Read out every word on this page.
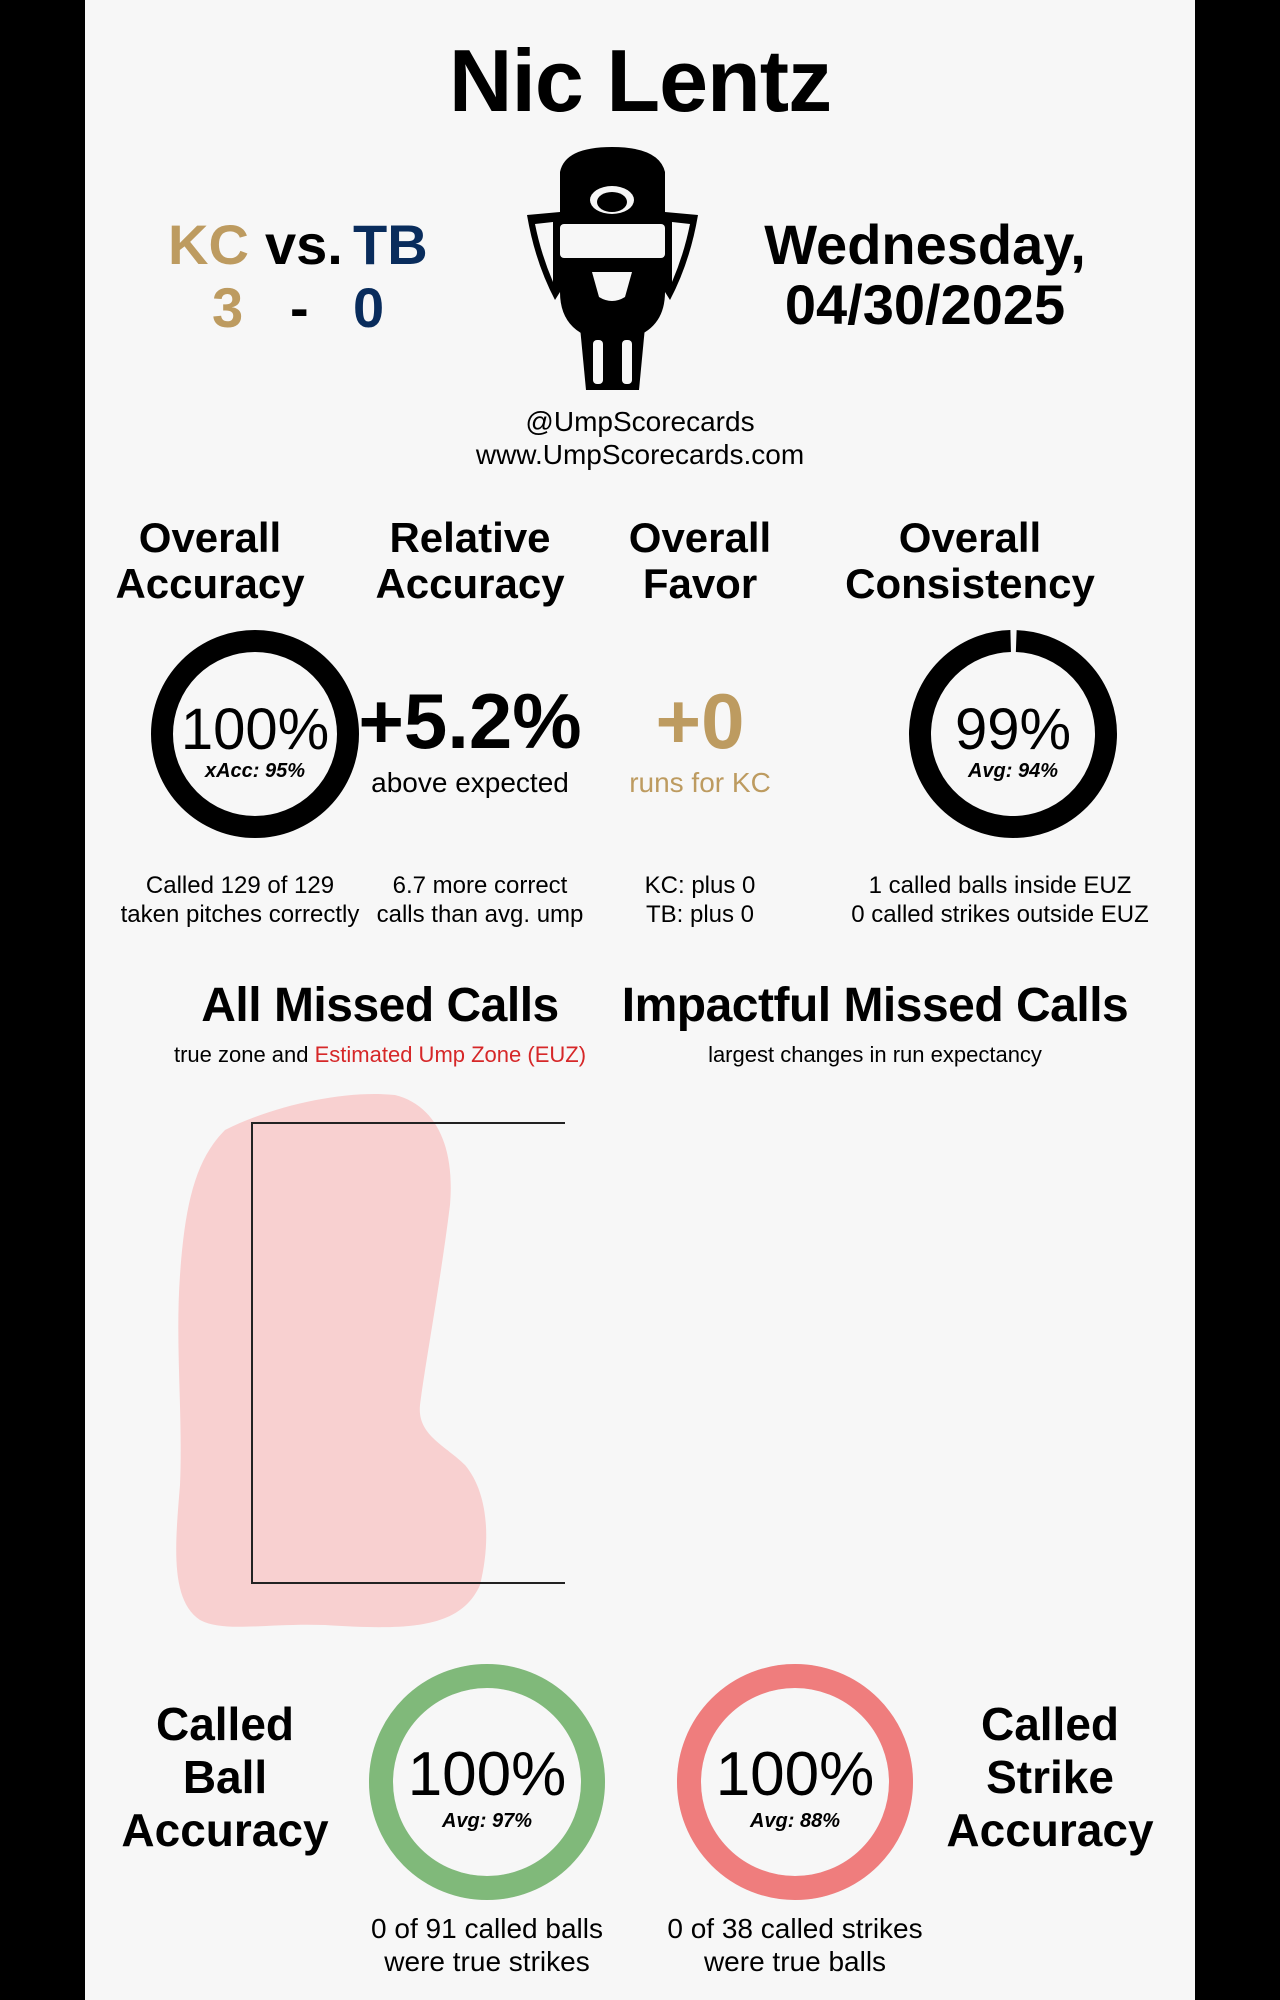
Nic Lentz
KC vs. TB
3 - 0
Wednesday,
04/30/2025
@UmpScorecards
www.UmpScorecards.com
Overall
Accuracy
Relative
Accuracy
Overall
Favor
Overall
Consistency
100%
xAcc: 95%
+5.2%
above expected
+0
runs for KC
99%
Avg: 94%
Called 129 of 129
taken pitches correctly
6.7 more correct
calls than avg. ump
KC: plus 0
TB: plus 0
1 called balls inside EUZ
0 called strikes outside EUZ
All Missed Calls
true zone and Estimated Ump Zone (EUZ)
Impactful Missed Calls
largest changes in run expectancy
Called
Ball
Accuracy
100%
Avg: 97%
0 of 91 called balls
were true strikes
100%
Avg: 88%
0 of 38 called strikes
were true balls
Called
Strike
Accuracy
